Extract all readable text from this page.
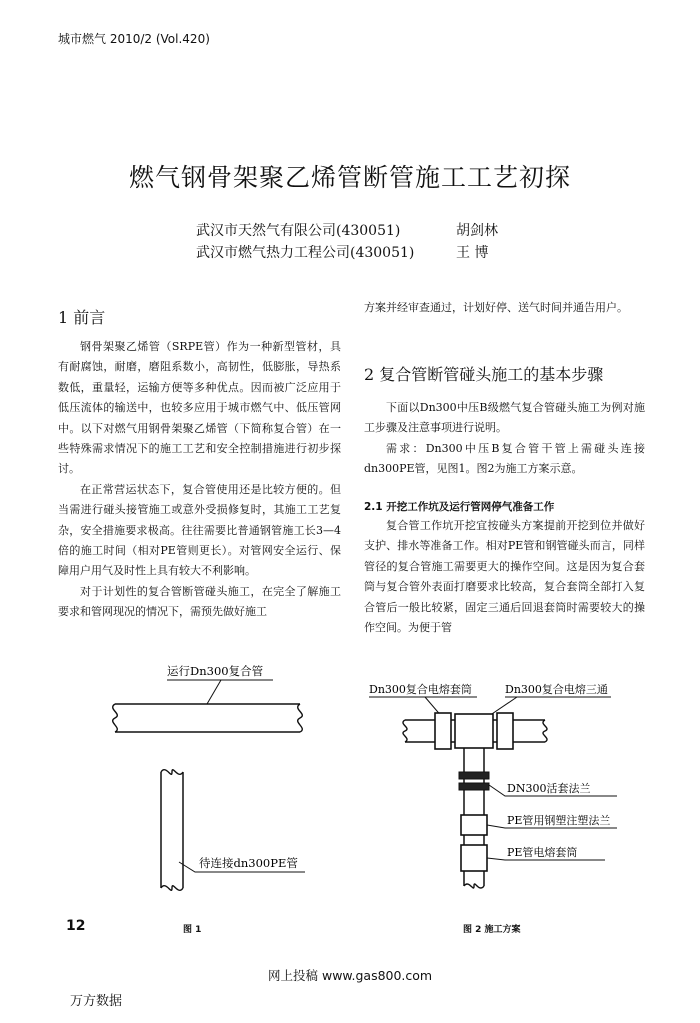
城市燃气 2010/2 (Vol.420)
燃气钢骨架聚乙烯管断管施工工艺初探
武汉市天然气有限公司(430051)	胡剑林
武汉市燃气热力工程公司(430051)	王 博
1 前言

钢骨架聚乙烯管（SRPE管）作为一种新型管材，具有耐腐蚀，耐磨，磨阻系数小，高韧性，低膨胀，导热系数低，重量轻，运输方便等多种优点。因而被广泛应用于低压流体的输送中，也较多应用于城市燃气中、低压管网中。以下对燃气用钢骨架聚乙烯管（下简称复合管）在一些特殊需求情况下的施工工艺和安全控制措施进行初步探讨。

在正常营运状态下，复合管使用还是比较方便的。但当需进行碰头接管施工或意外受损修复时，其施工工艺复杂，安全措施要求极高。往往需要比普通钢管施工长3—4倍的施工时间（相对PE管则更长）。对管网安全运行、保障用户用气及时性上具有较大不利影响。

对于计划性的复合管断管碰头施工，在完全了解施工要求和管网现况的情况下，需预先做好施工

方案并经审查通过，计划好停、送气时间并通告用户。

2 复合管断管碰头施工的基本步骤

下面以Dn300中压B级燃气复合管碰头施工为例对施工步骤及注意事项进行说明。

需求：Dn300中压B复合管干管上需碰头连接dn300PE管，见图1。图2为施工方案示意。

2.1 开挖工作坑及运行管网停气准备工作

复合管工作坑开挖宜按碰头方案提前开挖到位并做好支护、排水等准备工作。相对PE管和钢管碰头而言，同样管径的复合管施工需要更大的操作空间。这是因为复合套筒与复合管外表面打磨要求比较高，复合套筒全部打入复合管后一般比较紧，固定三通后回退套筒时需要较大的操作空间。为便于管

运行Dn300复合管
待连接dn300PE管
图 1
Dn300复合电熔套筒	Dn300复合电熔三通
DN300活套法兰
PE管用钢塑注塑法兰
PE管电熔套筒
图 2 施工方案
12
网上投稿 www.gas800.com
万方数据
